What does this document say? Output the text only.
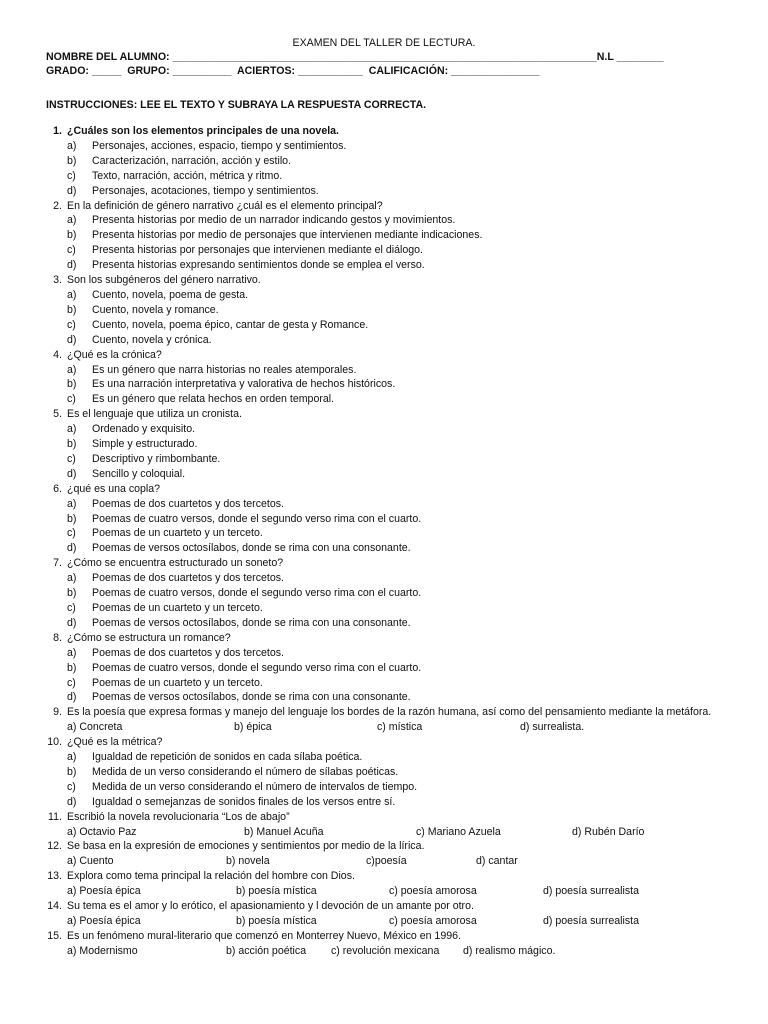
EXAMEN DEL TALLER DE LECTURA.
NOMBRE DEL ALUMNO: ________________________________________________________________________N.L ________
GRADO: _____  GRUPO: __________  ACIERTOS: ___________  CALIFICACIÓN: _______________
INSTRUCCIONES: LEE EL TEXTO Y SUBRAYA LA RESPUESTA CORRECTA.
1. ¿Cuáles son los elementos principales de una novela.
a) Personajes, acciones, espacio, tiempo y sentimientos.
b) Caracterización, narración, acción y estilo.
c) Texto, narración, acción, métrica y ritmo.
d) Personajes, acotaciones, tiempo y sentimientos.
2. En la definición de género narrativo ¿cuál es el elemento principal?
a) Presenta historias por medio de un narrador indicando gestos y movimientos.
b) Presenta historias por medio de personajes que intervienen mediante indicaciones.
c) Presenta historias por personajes que intervienen mediante el diálogo.
d) Presenta historias expresando sentimientos donde se emplea el verso.
3. Son los subgéneros del género narrativo.
a) Cuento, novela, poema de gesta.
b) Cuento, novela y romance.
c) Cuento, novela, poema épico, cantar de gesta y Romance.
d) Cuento, novela y crónica.
4. ¿Qué es la crónica?
a) Es un género que narra historias no reales atemporales.
b) Es una narración interpretativa y valorativa de hechos históricos.
c) Es un género que relata hechos en orden temporal.
5. Es el lenguaje que utiliza un cronista.
a) Ordenado y exquisito.
b) Simple y estructurado.
c) Descriptivo y rimbombante.
d) Sencillo y coloquial.
6. ¿qué es una copla?
a) Poemas de dos cuartetos y dos tercetos.
b) Poemas de cuatro versos, donde el segundo verso rima con el cuarto.
c) Poemas de un cuarteto y un terceto.
d) Poemas de versos octosílabos, donde se rima con una consonante.
7. ¿Cómo se encuentra estructurado un soneto?
a) Poemas de dos cuartetos y dos tercetos.
b) Poemas de cuatro versos, donde el segundo verso rima con el cuarto.
c) Poemas de un cuarteto y un terceto.
d) Poemas de versos octosílabos, donde se rima con una consonante.
8. ¿Cómo se estructura un romance?
a) Poemas de dos cuartetos y dos tercetos.
b) Poemas de cuatro versos, donde el segundo verso rima con el cuarto.
c) Poemas de un cuarteto y un terceto.
d) Poemas de versos octosílabos, donde se rima con una consonante.
9. Es la poesía que expresa formas y manejo del lenguaje los bordes de la razón humana, así como del pensamiento mediante la metáfora.
a) Concreta	b) épica	c) mística	d) surrealista.
10. ¿Qué es la métrica?
a) Igualdad de repetición de sonidos en cada sílaba poética.
b) Medida de un verso considerando el número de sílabas poéticas.
c) Medida de un verso considerando el número de intervalos de tiempo.
d) Igualdad o semejanzas de sonidos finales de los versos entre sí.
11. Escribió la novela revolucionaria “Los de abajo”
a) Octavio Paz	b) Manuel Acuña	c) Mariano Azuela	d) Rubén Darío
12. Se basa en la expresión de emociones y sentimientos por medio de la lírica.
a) Cuento	b) novela	c)poesía	d) cantar
13. Explora como tema principal la relación del hombre con Dios.
a) Poesía épica	b) poesía mística	c) poesía amorosa	d) poesía surrealista
14. Su tema es el amor y lo erótico, el apasionamiento y l devoción de un amante por otro.
a) Poesía épica	b) poesía mística	c) poesía amorosa	d) poesía surrealista
15. Es un fenómeno mural-literario que comenzó en Monterrey Nuevo, México en 1996.
a) Modernismo	b) acción poética c) revolución mexicana d) realismo mágico.
